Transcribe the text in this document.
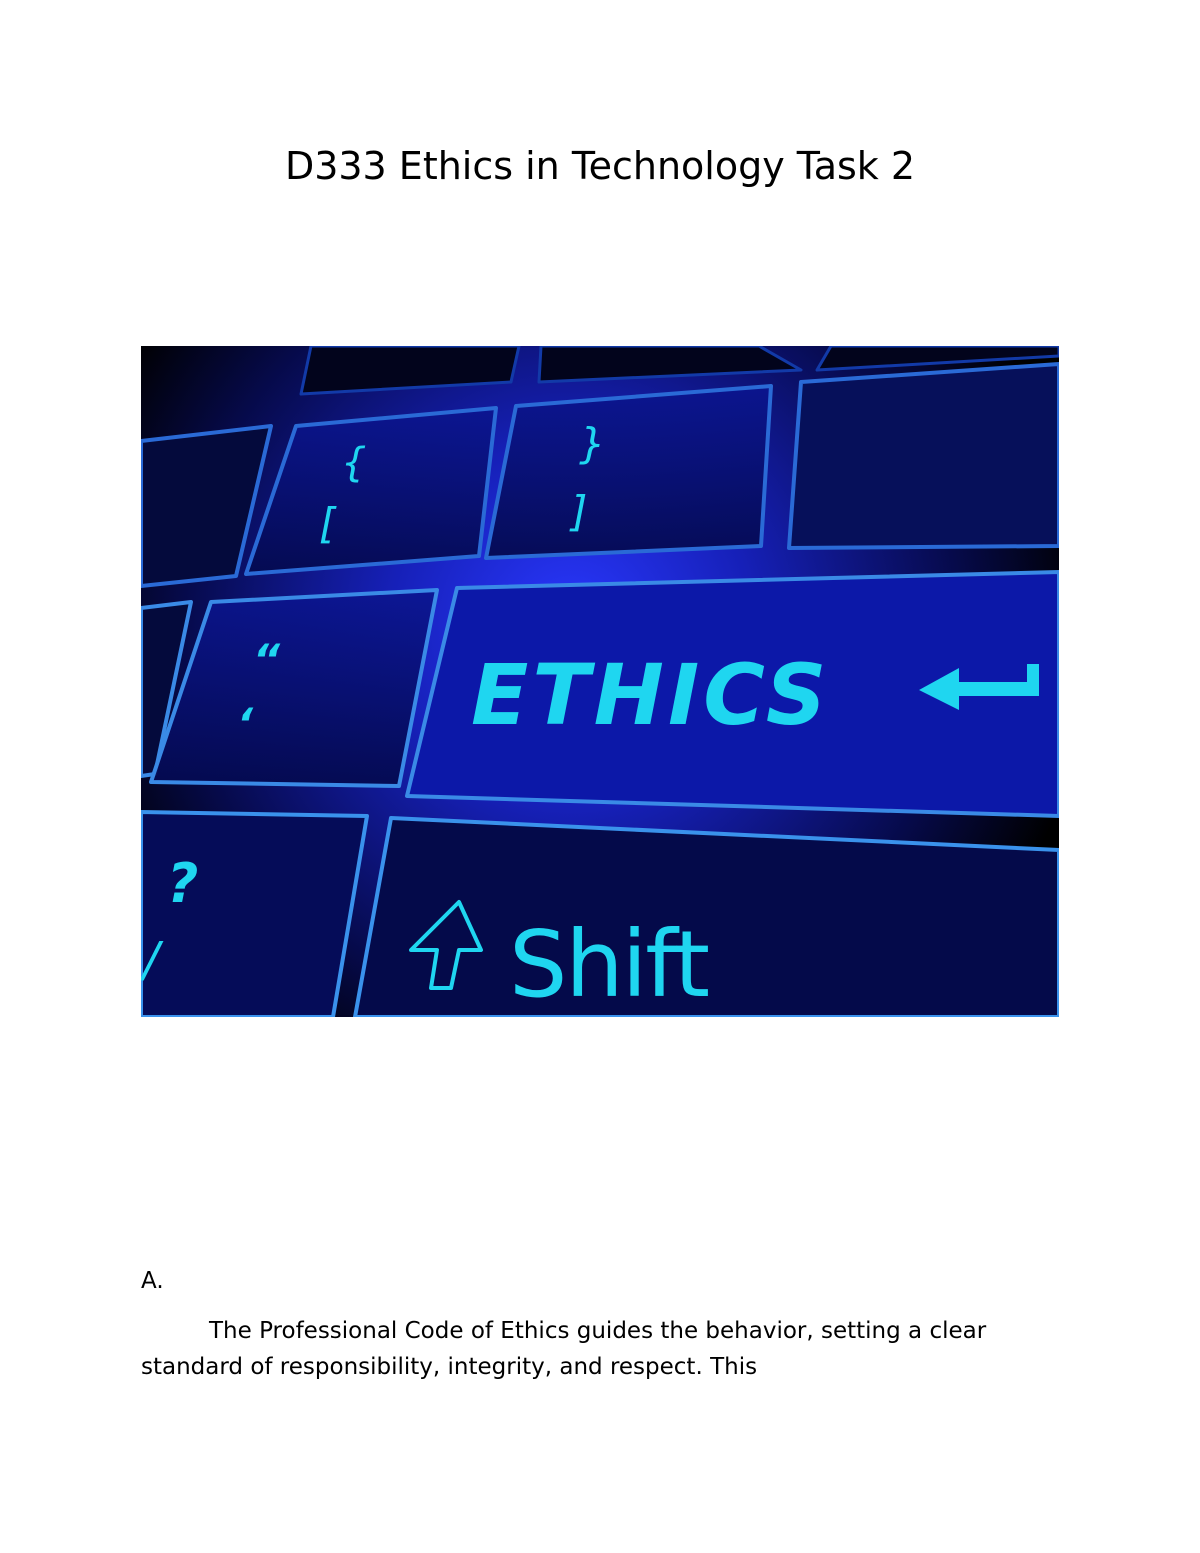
D333 Ethics in Technology Task 2
{
[
}
]
“
‘
?
/
ETHICS
Shift
A.

The Professional Code of Ethics guides the behavior, setting a clear standard of responsibility, integrity, and respect. This
